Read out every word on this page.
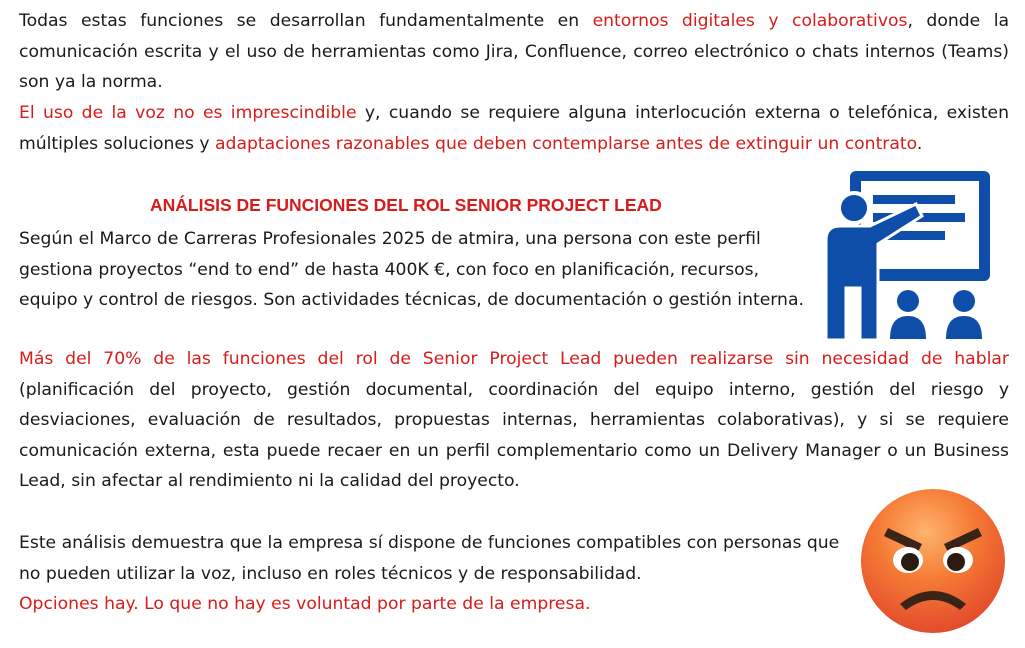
Todas estas funciones se desarrollan fundamentalmente en entornos digitales y colaborativos, donde la comunicación escrita y el uso de herramientas como Jira, Confluence, correo electrónico o chats internos (Teams) son ya la norma.
El uso de la voz no es imprescindible y, cuando se requiere alguna interlocución externa o telefónica, existen múltiples soluciones y adaptaciones razonables que deben contemplarse antes de extinguir un contrato.
ANÁLISIS DE FUNCIONES DEL ROL SENIOR PROJECT LEAD
Según el Marco de Carreras Profesionales 2025 de atmira, una persona con este perfil
gestiona proyectos “end to end” de hasta 400K €, con foco en planificación, recursos,
equipo y control de riesgos. Son actividades técnicas, de documentación o gestión interna.
Más del 70% de las funciones del rol de Senior Project Lead pueden realizarse sin necesidad de hablar (planificación del proyecto, gestión documental, coordinación del equipo interno, gestión del riesgo y desviaciones, evaluación de resultados, propuestas internas, herramientas colaborativas), y si se requiere comunicación externa, esta puede recaer en un perfil complementario como un Delivery Manager o un Business Lead, sin afectar al rendimiento ni la calidad del proyecto.
Este análisis demuestra que la empresa sí dispone de funciones compatibles con personas que
no pueden utilizar la voz, incluso en roles técnicos y de responsabilidad.
Opciones hay. Lo que no hay es voluntad por parte de la empresa.
